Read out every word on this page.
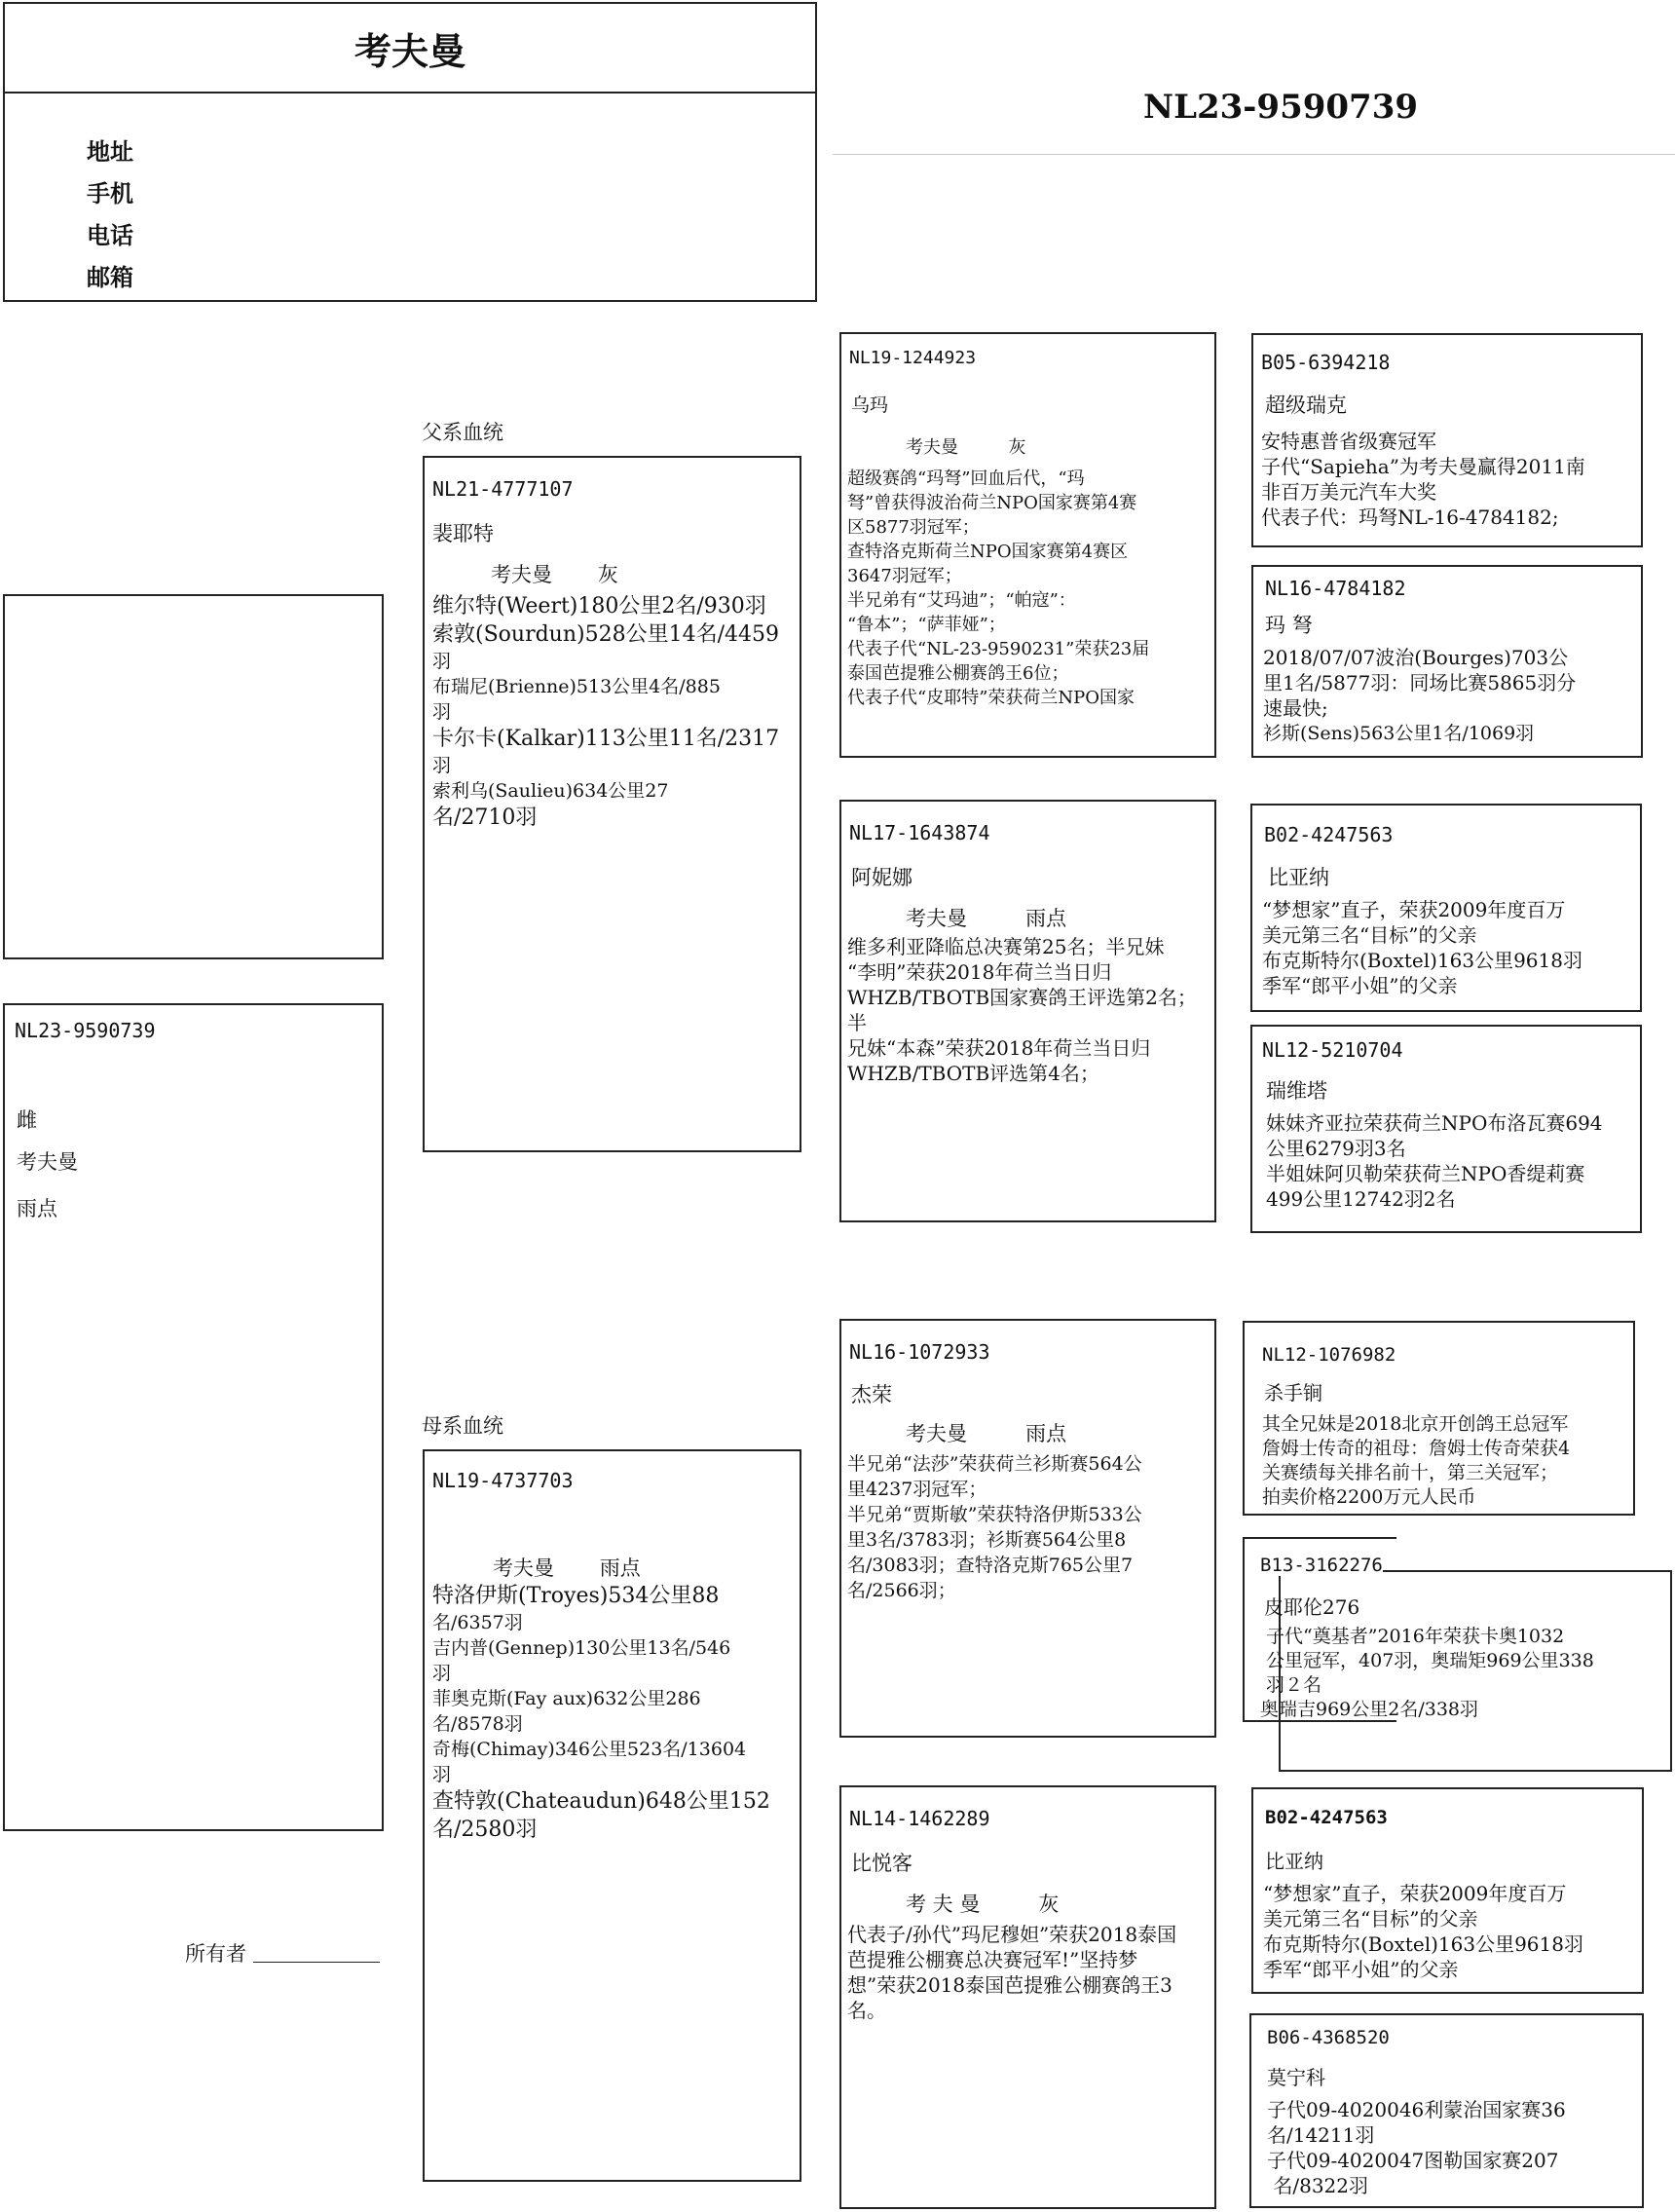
考夫曼
地址
手机
电话
邮箱
NL23-9590739
NL23-9590739
雌
考夫曼
雨点
所有者
父系血统
NL21-4777107
裴耶特
考夫曼       灰

维尔特(Weert)180公里2名/930羽

索敦(Sourdun)528公里14名/4459

羽

布瑞尼(Brienne)513公里4名/885

羽

卡尔卡(Kalkar)113公里11名/2317

羽

索利乌(Saulieu)634公里27

名/2710羽

母系血统
NL19-4737703
考夫曼       雨点

特洛伊斯(Troyes)534公里88

名/6357羽

吉内普(Gennep)130公里13名/546

羽

菲奥克斯(Fay aux)632公里286

名/8578羽

奇梅(Chimay)346公里523名/13604

羽

查特敦(Chateaudun)648公里152

名/2580羽

NL19-1244923
乌玛
考夫曼         灰

超级赛鸽“玛弩”回血后代，“玛

弩”曾获得波治荷兰NPO国家赛第4赛

区5877羽冠军；

查特洛克斯荷兰NPO国家赛第4赛区

3647羽冠军；

半兄弟有“艾玛迪”；“帕寇”：

“鲁本”；“萨菲娅”；

代表子代“NL-23-9590231”荣获23届

泰国芭提雅公棚赛鸽王6位；

代表子代“皮耶特”荣获荷兰NPO国家

NL17-1643874
阿妮娜
考夫曼         雨点

维多利亚降临总决赛第25名；半兄妹

“李明”荣获2018年荷兰当日归

WHZB/TBOTB国家赛鸽王评选第2名；半

兄妹“本森”荣获2018年荷兰当日归

WHZB/TBOTB评选第4名；

NL16-1072933
杰荣
考夫曼         雨点

半兄弟“法莎”荣获荷兰衫斯赛564公

里4237羽冠军；

半兄弟“贾斯敏”荣获特洛伊斯533公

里3名/3783羽；衫斯赛564公里8

名/3083羽；查特洛克斯765公里7

名/2566羽；

NL14-1462289
比悦客
考 夫 曼         灰

代表子/孙代”玛尼穆妲”荣获2018泰国

芭提雅公棚赛总决赛冠军!”坚持梦

想”荣获2018泰国芭提雅公棚赛鸽王3

名。

B05-6394218
超级瑞克

安特惠普省级赛冠军

子代“Sapieha”为考夫曼赢得2011南

非百万美元汽车大奖

代表子代：玛弩NL-16-4784182;

NL16-4784182
玛 弩

2018/07/07波治(Bourges)703公

里1名/5877羽：同场比赛5865羽分

速最快;

衫斯(Sens)563公里1名/1069羽

B02-4247563
比亚纳

“梦想家”直子，荣获2009年度百万

美元第三名“目标”的父亲

布克斯特尔(Boxtel)163公里9618羽

季军“郎平小姐”的父亲

NL12-5210704
瑞维塔

妹妹齐亚拉荣获荷兰NPO布洛瓦赛694

公里6279羽3名

半姐妹阿贝勒荣获荷兰NPO香缇莉赛

499公里12742羽2名

NL12-1076982
杀手锏

其全兄妹是2018北京开创鸽王总冠军

詹姆士传奇的祖母：詹姆士传奇荣获4

关赛绩每关排名前十，第三关冠军；

拍卖价格2200万元人民币

B13-3162276
皮耶伦276

子代“奠基者”2016年荣获卡奥1032

公里冠军，407羽，奥瑞矩969公里338

羽２名

奥瑞吉969公里2名/338羽

B02-4247563
比亚纳

“梦想家”直子，荣获2009年度百万

美元第三名“目标”的父亲

布克斯特尔(Boxtel)163公里9618羽

季军“郎平小姐”的父亲

B06-4368520
莫宁科

子代09-4020046利蒙治国家赛36

名/14211羽

子代09-4020047图勒国家赛207

名/8322羽
